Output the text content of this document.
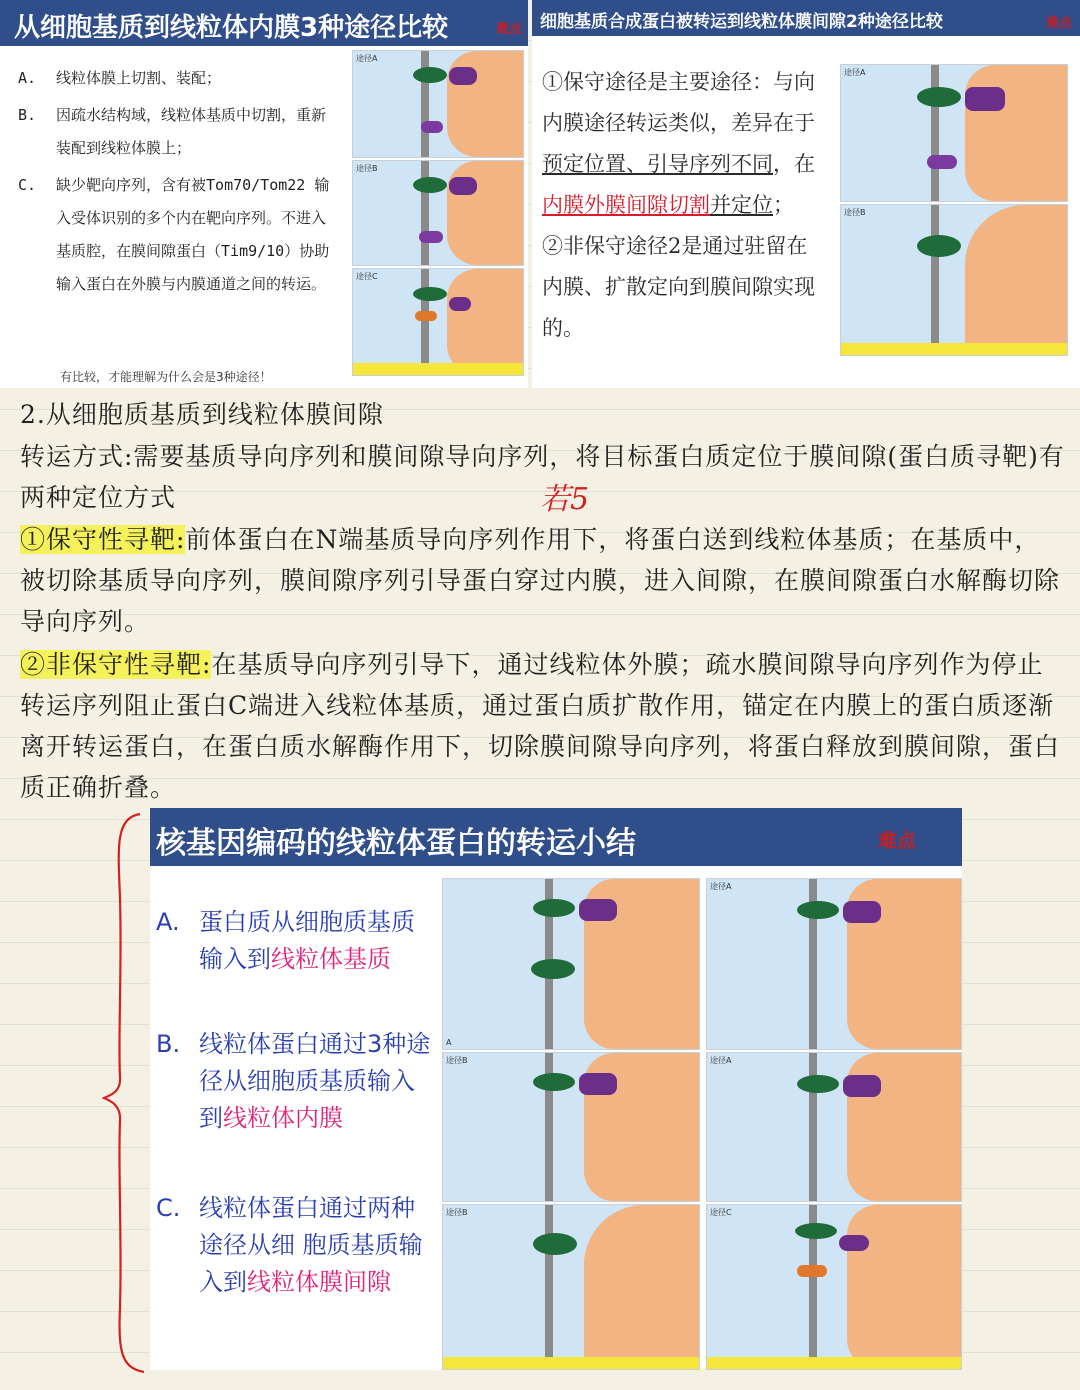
从细胞基质到线粒体内膜3种途径比较	难点
A. 线粒体膜上切割、装配；
B. 因疏水结构域，线粒体基质中切割，重新装配到线粒体膜上；
C. 缺少靶向序列，含有被Tom70/Tom22 输入受体识别的多个内在靶向序列。不进入基质腔，在膜间隙蛋白（Tim9/10）协助输入蛋白在外膜与内膜通道之间的转运。
有比较，才能理解为什么会是3种途径！
途径A
途径B
途径C
细胞基质合成蛋白被转运到线粒体膜间隙2种途径比较	难点
①保守途径是主要途径：与向内膜途径转运类似，差异在于预定位置、引导序列不同，在内膜外膜间隙切割并定位；
②非保守途径2是通过驻留在内膜、扩散定向到膜间隙实现的。
途径A
途径B
2.从细胞质基质到线粒体膜间隙
转运方式:需要基质导向序列和膜间隙导向序列，将目标蛋白质定位于膜间隙(蛋白质寻靶)有两种定位方式	若5
①保守性寻靶:前体蛋白在N端基质导向序列作用下，将蛋白送到线粒体基质；在基质中，被切除基质导向序列，膜间隙序列引导蛋白穿过内膜，进入间隙，在膜间隙蛋白水解酶切除导向序列。
②非保守性寻靶:在基质导向序列引导下，通过线粒体外膜；疏水膜间隙导向序列作为停止转运序列阻止蛋白C端进入线粒体基质，通过蛋白质扩散作用，锚定在内膜上的蛋白质逐渐离开转运蛋白，在蛋白质水解酶作用下，切除膜间隙导向序列，将蛋白释放到膜间隙，蛋白质正确折叠。
核基因编码的线粒体蛋白的转运小结	难点
A. 蛋白质从细胞质基质输入到线粒体基质
B. 线粒体蛋白通过3种途径从细胞质基质输入到线粒体内膜
C. 线粒体蛋白通过两种途径从细 胞质基质输入到线粒体膜间隙
A
途径A
途径B	途径A
途径B	途径C
